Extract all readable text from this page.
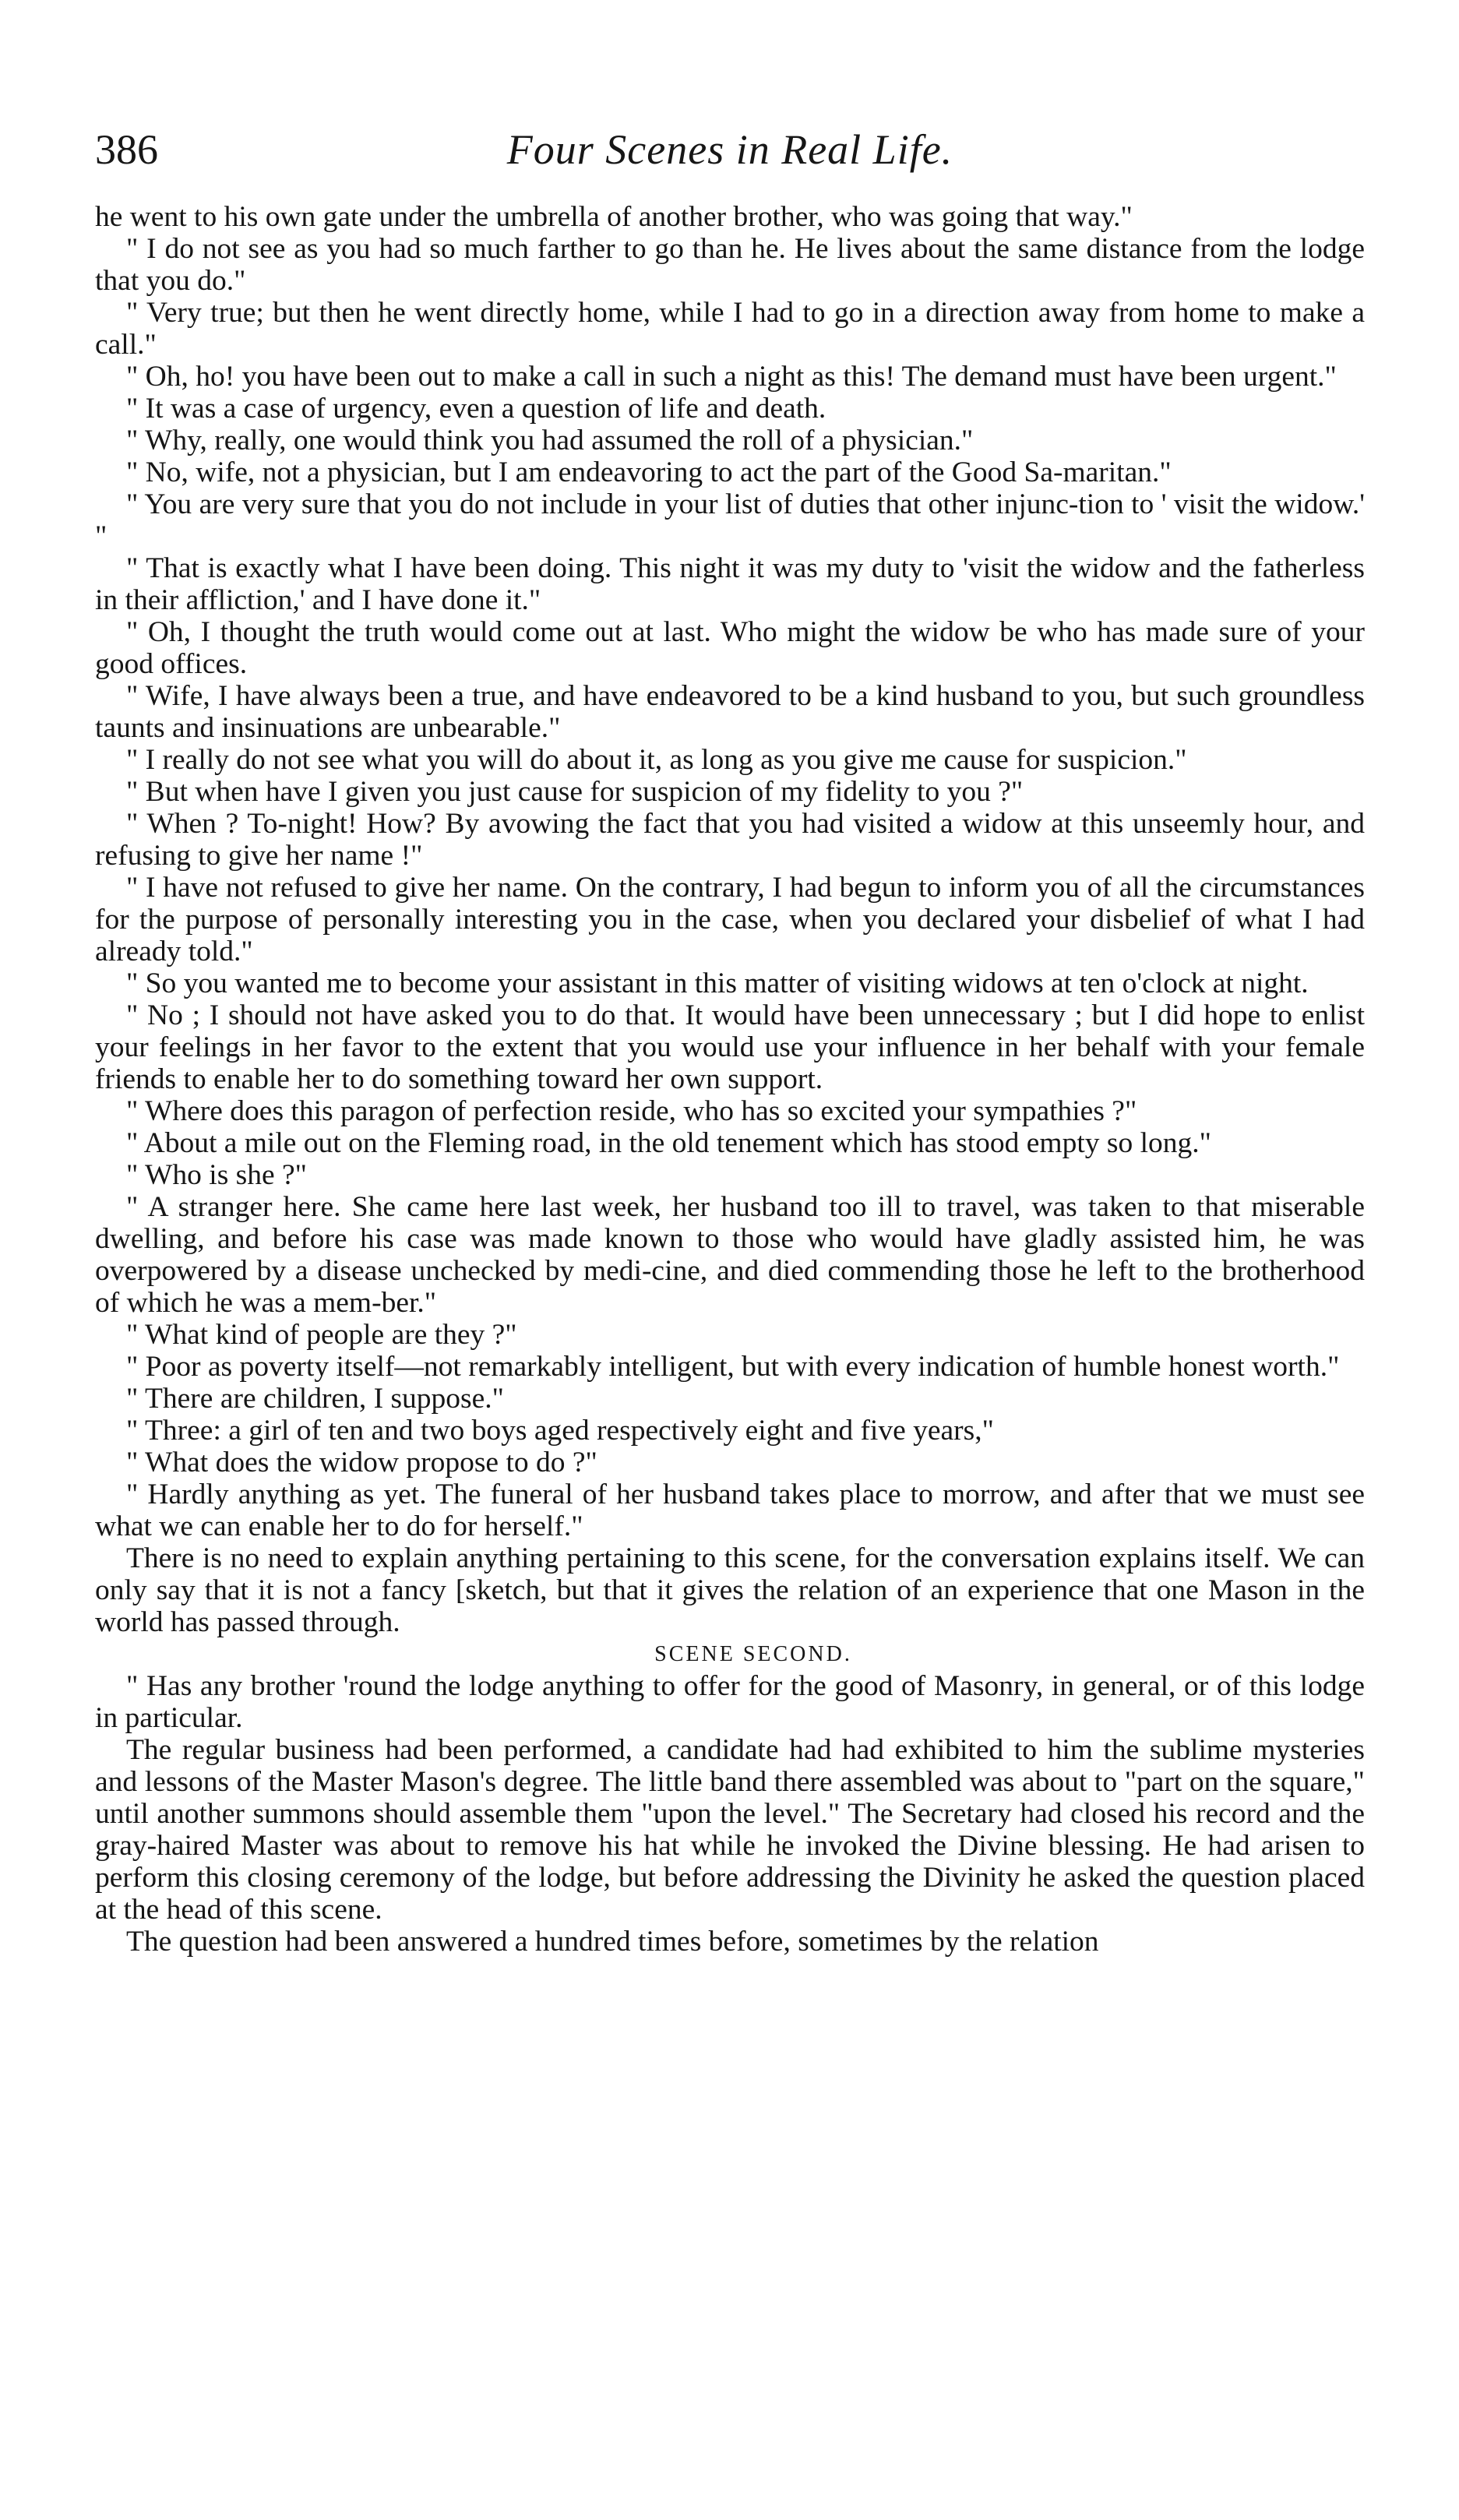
386	Four Scenes in Real Life.

he went to his own gate under the umbrella of another brother, who was going that way."

" I do not see as you had so much farther to go than he. He lives about the same distance from the lodge that you do."

" Very true; but then he went directly home, while I had to go in a direction away from home to make a call."

" Oh, ho! you have been out to make a call in such a night as this! The demand must have been urgent."

" It was a case of urgency, even a question of life and death.

" Why, really, one would think you had assumed the roll of a physician."

" No, wife, not a physician, but I am endeavoring to act the part of the Good Sa-maritan."

" You are very sure that you do not include in your list of duties that other injunc-tion to ' visit the widow.' "

" That is exactly what I have been doing. This night it was my duty to 'visit the widow and the fatherless in their affliction,' and I have done it."

" Oh, I thought the truth would come out at last. Who might the widow be who has made sure of your good offices.

" Wife, I have always been a true, and have endeavored to be a kind husband to you, but such groundless taunts and insinuations are unbearable."

" I really do not see what you will do about it, as long as you give me cause for suspicion."

" But when have I given you just cause for suspicion of my fidelity to you ?"

" When ? To-night! How? By avowing the fact that you had visited a widow at this unseemly hour, and refusing to give her name !"

" I have not refused to give her name. On the contrary, I had begun to inform you of all the circumstances for the purpose of personally interesting you in the case, when you declared your disbelief of what I had already told."

" So you wanted me to become your assistant in this matter of visiting widows at ten o'clock at night.

" No ; I should not have asked you to do that. It would have been unnecessary ; but I did hope to enlist your feelings in her favor to the extent that you would use your influence in her behalf with your female friends to enable her to do something toward her own support.

" Where does this paragon of perfection reside, who has so excited your sympathies ?"

" About a mile out on the Fleming road, in the old tenement which has stood empty so long."

" Who is she ?"

" A stranger here. She came here last week, her husband too ill to travel, was taken to that miserable dwelling, and before his case was made known to those who would have gladly assisted him, he was overpowered by a disease unchecked by medi-cine, and died commending those he left to the brotherhood of which he was a mem-ber."

" What kind of people are they ?"

" Poor as poverty itself—not remarkably intelligent, but with every indication of humble honest worth."

" There are children, I suppose."

" Three: a girl of ten and two boys aged respectively eight and five years,"

" What does the widow propose to do ?"

" Hardly anything as yet. The funeral of her husband takes place to morrow, and after that we must see what we can enable her to do for herself."

There is no need to explain anything pertaining to this scene, for the conversation explains itself. We can only say that it is not a fancy [sketch, but that it gives the relation of an experience that one Mason in the world has passed through.

SCENE SECOND.

" Has any brother 'round the lodge anything to offer for the good of Masonry, in general, or of this lodge in particular.

The regular business had been performed, a candidate had had exhibited to him the sublime mysteries and lessons of the Master Mason's degree. The little band there assembled was about to "part on the square," until another summons should assemble them "upon the level." The Secretary had closed his record and the gray-haired Master was about to remove his hat while he invoked the Divine blessing. He had arisen to perform this closing ceremony of the lodge, but before addressing the Divinity he asked the question placed at the head of this scene.

The question had been answered a hundred times before, sometimes by the relation
